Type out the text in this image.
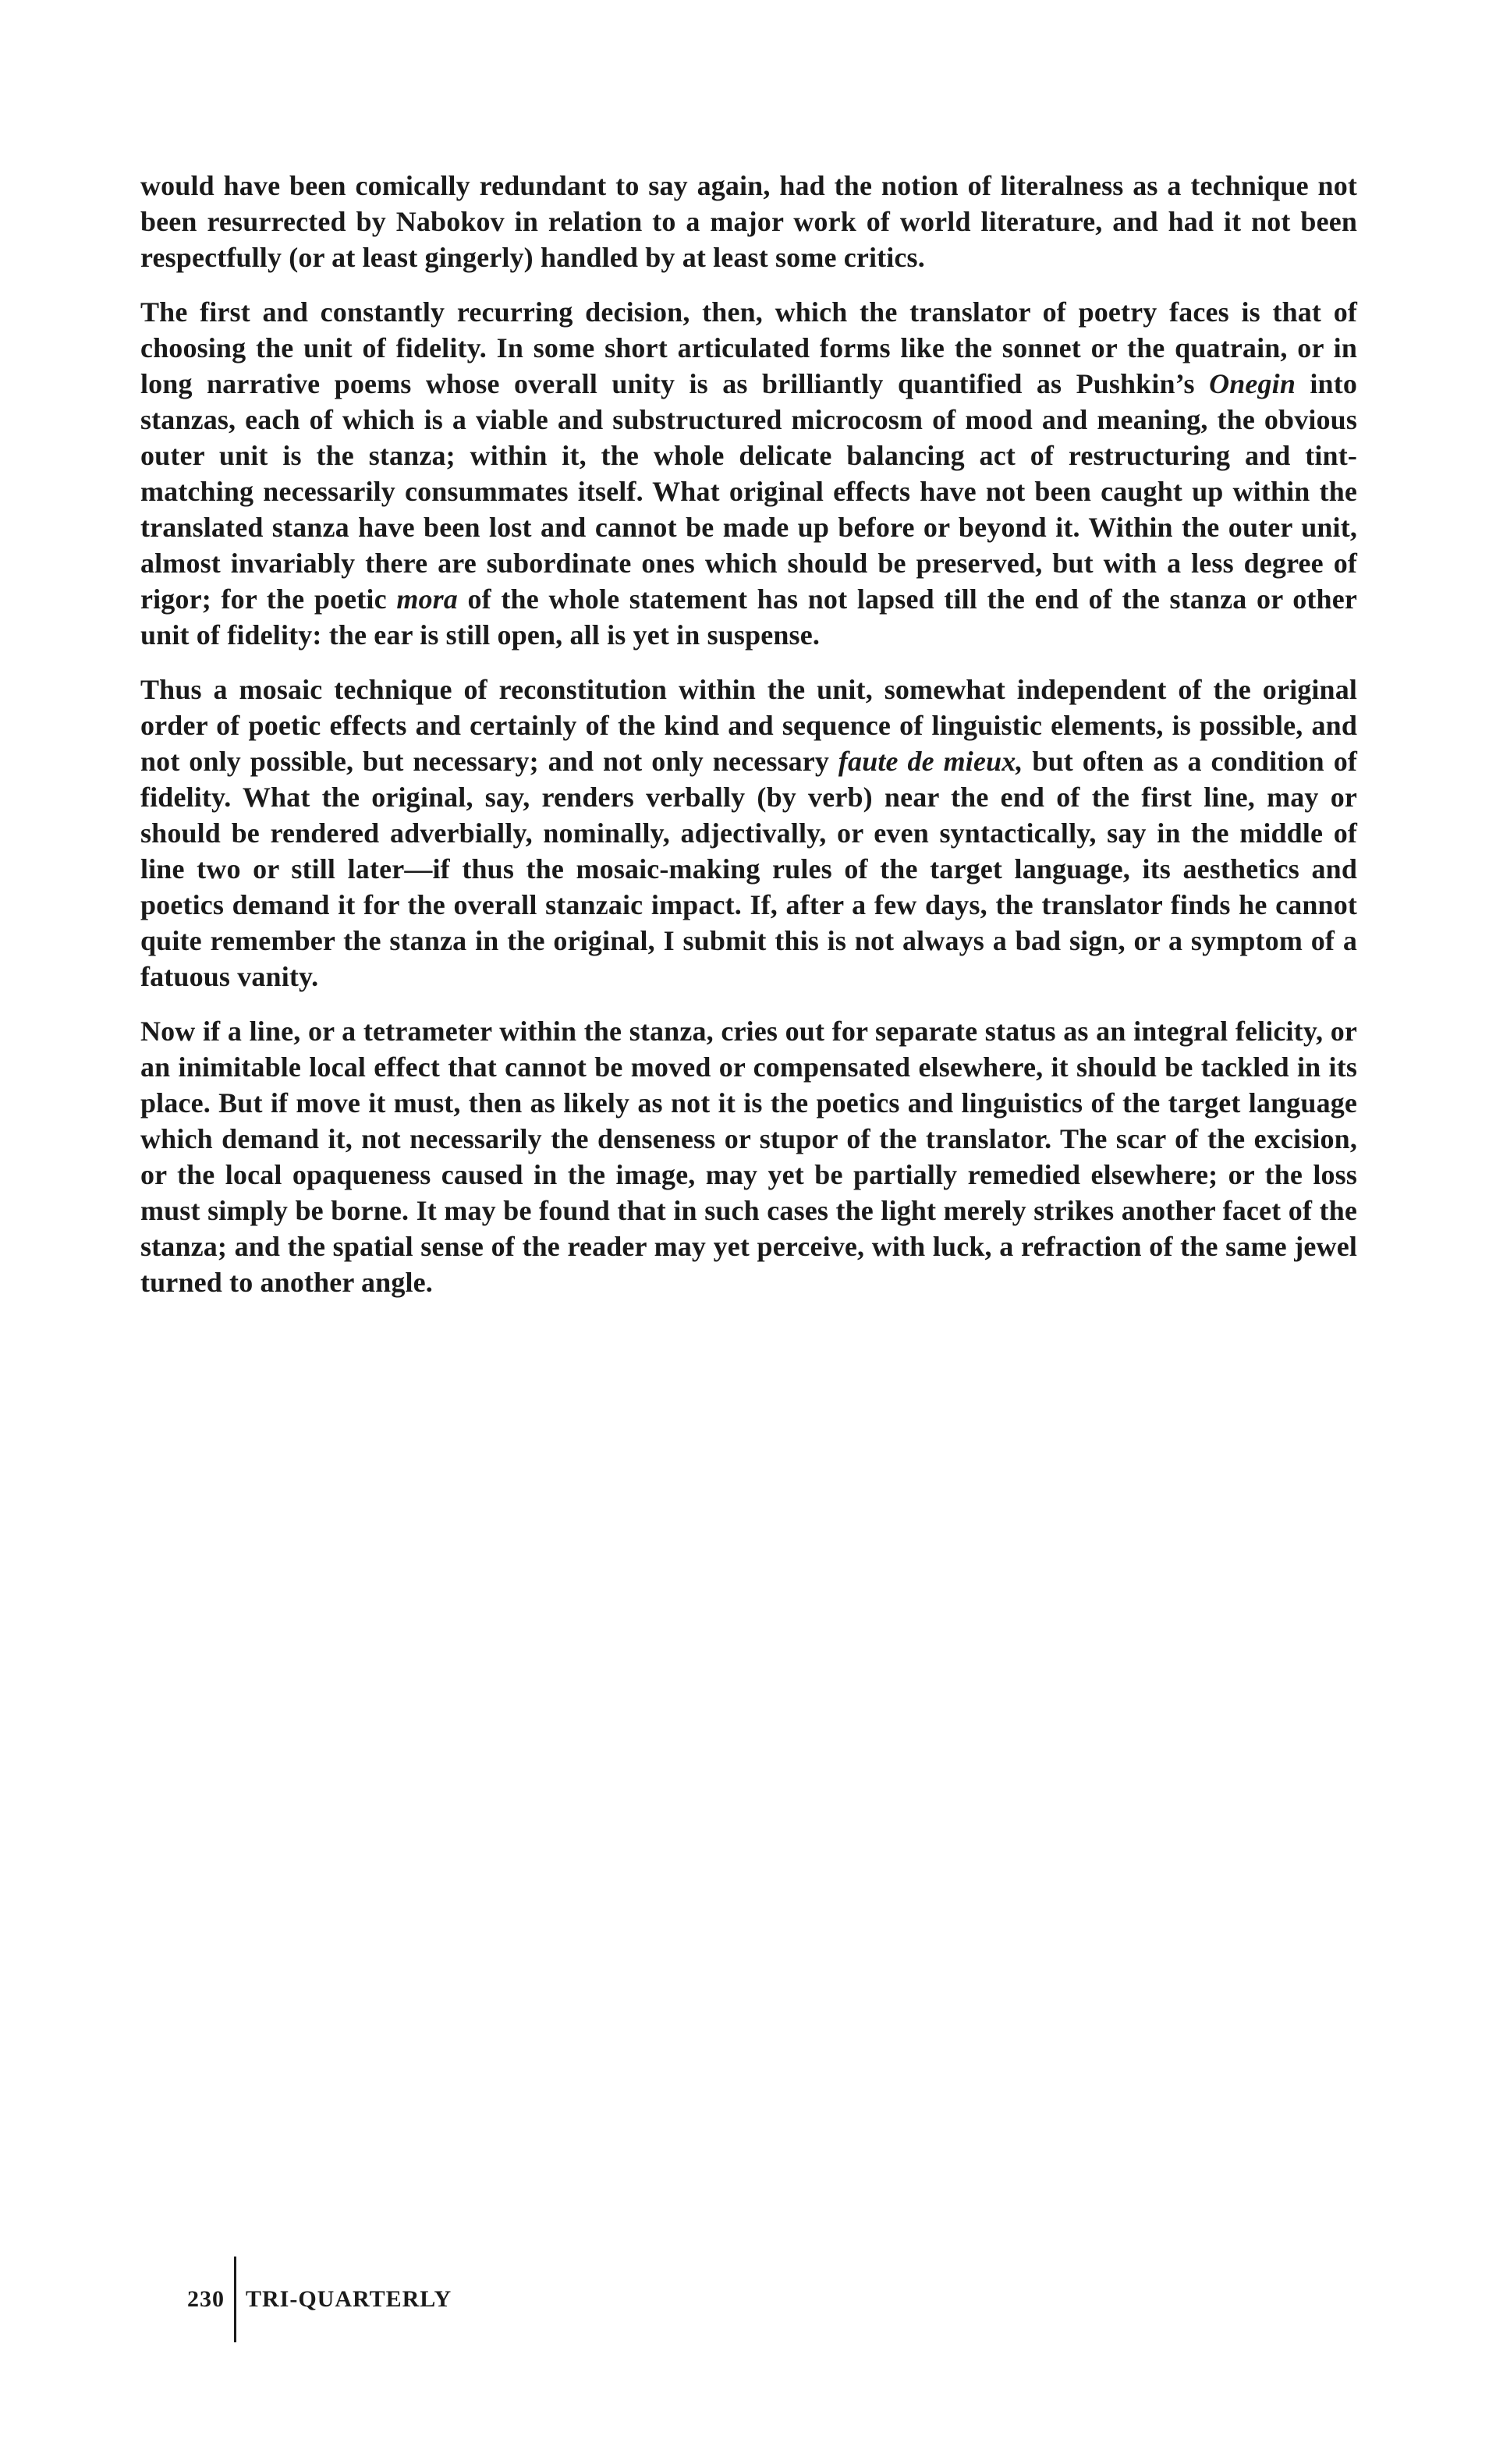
would have been comically redundant to say again, had the notion of literalness as a technique not been resurrected by Nabokov in relation to a major work of world literature, and had it not been respectfully (or at least gingerly) handled by at least some critics.

The first and constantly recurring decision, then, which the translator of poetry faces is that of choosing the unit of fidelity. In some short articulated forms like the sonnet or the quatrain, or in long narrative poems whose overall unity is as brilliantly quantified as Pushkin’s Onegin into stanzas, each of which is a viable and substructured microcosm of mood and meaning, the obvious outer unit is the stanza; within it, the whole delicate balancing act of restructuring and tint-matching necessarily consummates itself. What original effects have not been caught up within the translated stanza have been lost and cannot be made up before or beyond it. Within the outer unit, almost invariably there are subordinate ones which should be preserved, but with a less degree of rigor; for the poetic mora of the whole statement has not lapsed till the end of the stanza or other unit of fidelity: the ear is still open, all is yet in suspense.

Thus a mosaic technique of reconstitution within the unit, somewhat independent of the original order of poetic effects and certainly of the kind and sequence of linguistic elements, is possible, and not only possible, but necessary; and not only necessary faute de mieux, but often as a condition of fidelity. What the original, say, renders verbally (by verb) near the end of the first line, may or should be rendered adverbially, nominally, adjectivally, or even syntactically, say in the middle of line two or still later—if thus the mosaic-making rules of the target language, its aesthetics and poetics demand it for the overall stanzaic impact. If, after a few days, the translator finds he cannot quite remember the stanza in the original, I submit this is not always a bad sign, or a symptom of a fatuous vanity.

Now if a line, or a tetrameter within the stanza, cries out for separate status as an integral felicity, or an inimitable local effect that cannot be moved or compensated elsewhere, it should be tackled in its place. But if move it must, then as likely as not it is the poetics and linguistics of the target language which demand it, not necessarily the denseness or stupor of the translator. The scar of the excision, or the local opaqueness caused in the image, may yet be partially remedied elsewhere; or the loss must simply be borne. It may be found that in such cases the light merely strikes another facet of the stanza; and the spatial sense of the reader may yet perceive, with luck, a refraction of the same jewel turned to another angle.

230 TRI-QUARTERLY
